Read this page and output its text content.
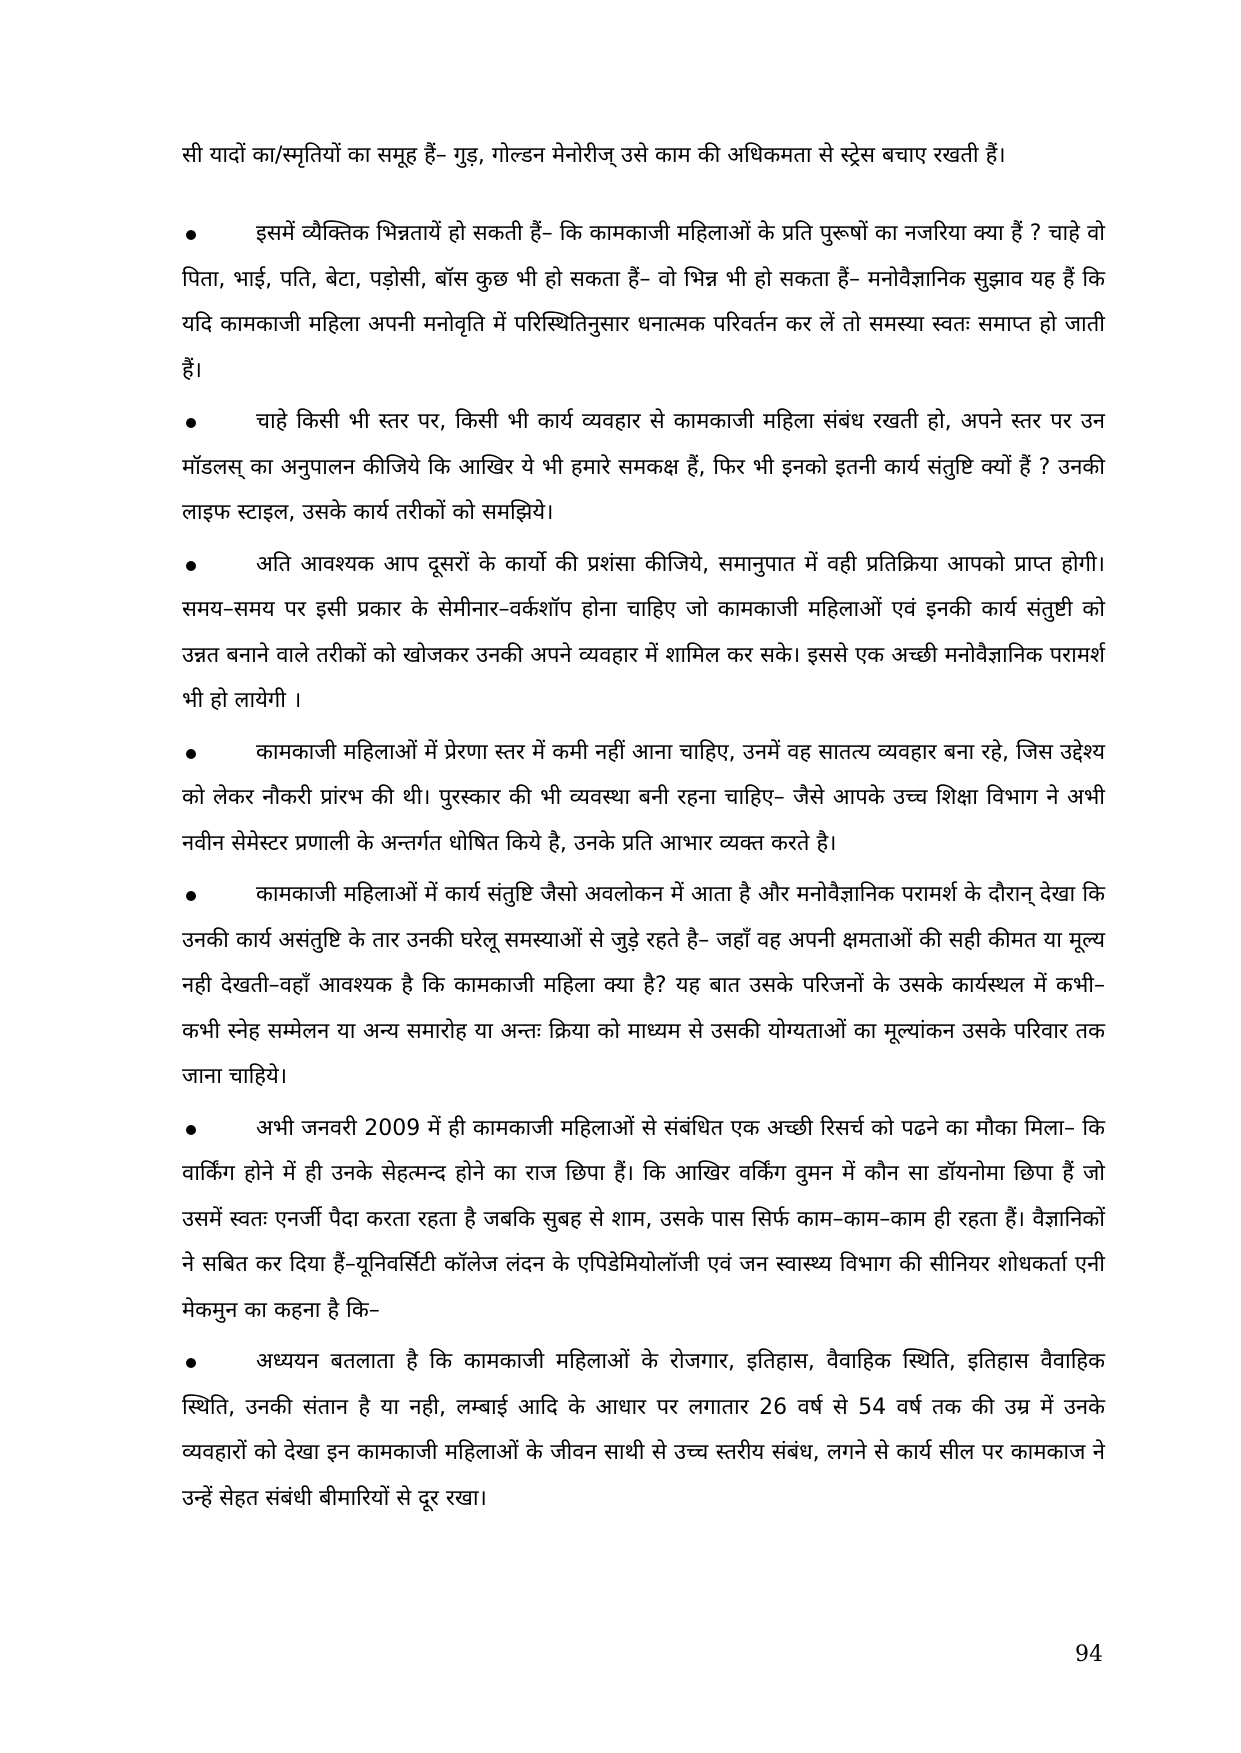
सी यादों का/स्मृतियों का समूह हैं– गुड़, गोल्डन मेनोरीज् उसे काम की अधिकमता से स्ट्रेस बचाए रखती हैं।

इसमें व्यैक्तिक भिन्नतायें हो सकती हैं– कि कामकाजी महिलाओं के प्रति पुरूषों का नजरिया क्या हैं ? चाहे वो पिता, भाई, पति, बेटा, पड़ोसी, बॉस कुछ भी हो सकता हैं– वो भिन्न भी हो सकता हैं– मनोवैज्ञानिक सुझाव यह हैं कि यदि कामकाजी महिला अपनी मनोवृति में परिस्थितिनुसार धनात्मक परिवर्तन कर लें तो समस्या स्वतः समाप्त हो जाती हैं।

चाहे किसी भी स्तर पर, किसी भी कार्य व्यवहार से कामकाजी महिला संबंध रखती हो, अपने स्तर पर उन मॉडलस् का अनुपालन कीजिये कि आखिर ये भी हमारे समकक्ष हैं, फिर भी इनको इतनी कार्य संतुष्टि क्यों हैं ? उनकी लाइफ स्टाइल, उसके कार्य तरीकों को समझिये।

अति आवश्यक आप दूसरों के कार्यो की प्रशंसा कीजिये, समानुपात में वही प्रतिक्रिया आपको प्राप्त होगी। समय–समय पर इसी प्रकार के सेमीनार–वर्कशॉप होना चाहिए जो कामकाजी महिलाओं एवं इनकी कार्य संतुष्टी को उन्नत बनाने वाले तरीकों को खोजकर उनकी अपने व्यवहार में शामिल कर सके। इससे एक अच्छी मनोवैज्ञानिक परामर्श भी हो लायेगी ।

कामकाजी महिलाओं में प्रेरणा स्तर में कमी नहीं आना चाहिए, उनमें वह सातत्य व्यवहार बना रहे, जिस उद्देश्य को लेकर नौकरी प्रांरभ की थी। पुरस्कार की भी व्यवस्था बनी रहना चाहिए– जैसे आपके उच्च शिक्षा विभाग ने अभी नवीन सेमेस्टर प्रणाली के अन्तर्गत धोषित किये है, उनके प्रति आभार व्यक्त करते है।

कामकाजी महिलाओं में कार्य संतुष्टि जैसो अवलोकन में आता है और मनोवैज्ञानिक परामर्श के दौरान् देखा कि उनकी कार्य असंतुष्टि के तार उनकी घरेलू समस्याओं से जुड़े रहते है– जहाँ वह अपनी क्षमताओं की सही कीमत या मूल्य नही देखती–वहाँ आवश्यक है कि कामकाजी महिला क्या है? यह बात उसके परिजनों के उसके कार्यस्थल में कभी–कभी स्नेह सम्मेलन या अन्य समारोह या अन्तः क्रिया को माध्यम से उसकी योग्यताओं का मूल्यांकन उसके परिवार तक जाना चाहिये।

अभी जनवरी 2009 में ही कामकाजी महिलाओं से संबंधित एक अच्छी रिसर्च को पढने का मौका मिला– कि वार्किंग होने में ही उनके सेहत्मन्द होने का राज छिपा हैं। कि आखिर वर्किंग वुमन में कौन सा डॉयनोमा छिपा हैं जो उसमें स्वतः एनर्जी पैदा करता रहता है जबकि सुबह से शाम, उसके पास सिर्फ काम–काम–काम ही रहता हैं। वैज्ञानिकों ने सबित कर दिया हैं–यूनिवर्सिटी कॉलेज लंदन के एपिडेमियोलॉजी एवं जन स्वास्थ्य विभाग की सीनियर शोधकर्ता एनी मेकमुन का कहना है कि–

अध्ययन बतलाता है कि कामकाजी महिलाओं के रोजगार, इतिहास, वैवाहिक स्थिति, इतिहास वैवाहिक स्थिति, उनकी संतान है या नही, लम्बाई आदि के आधार पर लगातार 26 वर्ष से 54 वर्ष तक की उम्र में उनके व्यवहारों को देखा इन कामकाजी महिलाओं के जीवन साथी से उच्च स्तरीय संबंध, लगने से कार्य सील पर कामकाज ने उन्हें सेहत संबंधी बीमारियों से दूर रखा।

94
